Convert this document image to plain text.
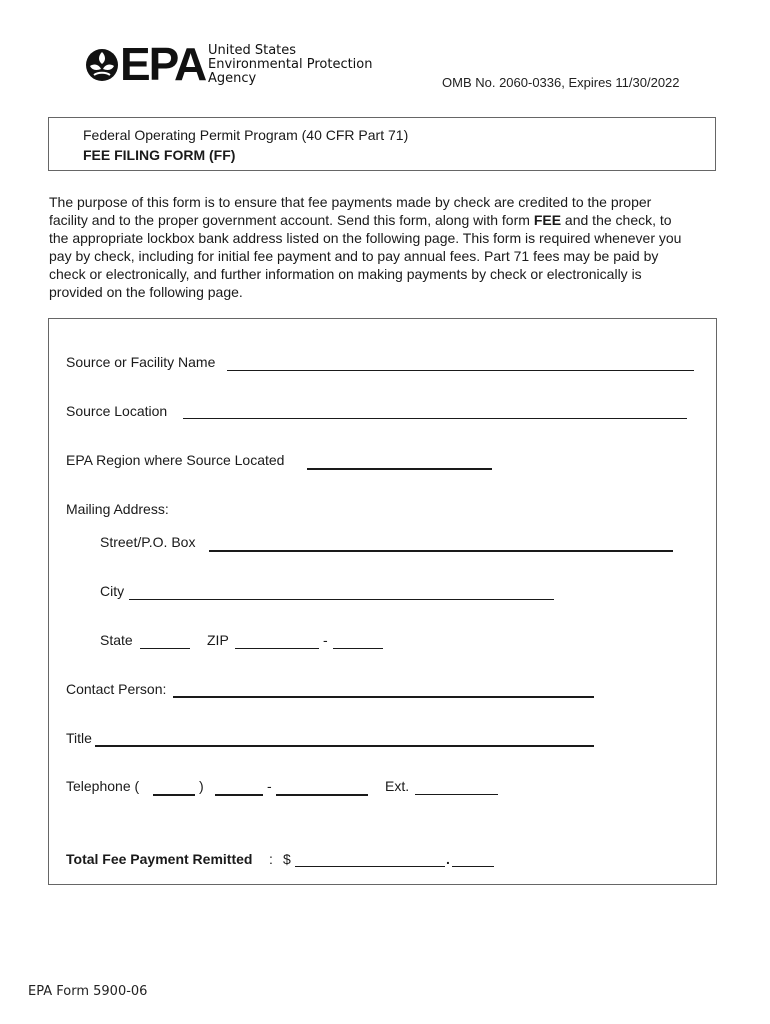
EPA United States
Environmental Protection
Agency	OMB No. 2060-0336, Expires 11/30/2022
Federal Operating Permit Program (40 CFR Part 71)
FEE FILING FORM (FF)
The purpose of this form is to ensure that fee payments made by check are credited to the proper facility and to the proper government account. Send this form, along with form FEE and the check, to the appropriate lockbox bank address listed on the following page. This form is required whenever you pay by check, including for initial fee payment and to pay annual fees. Part 71 fees may be paid by check or electronically, and further information on making payments by check or electronically is provided on the following page.
Source or Facility Name
Source Location
EPA Region where Source Located
Mailing Address:
Street/P.O. Box
City
State	ZIP	-
Contact Person:
Title
Telephone (	)	-	Ext.
Total Fee Payment Remitted : $	.
EPA Form 5900-06
